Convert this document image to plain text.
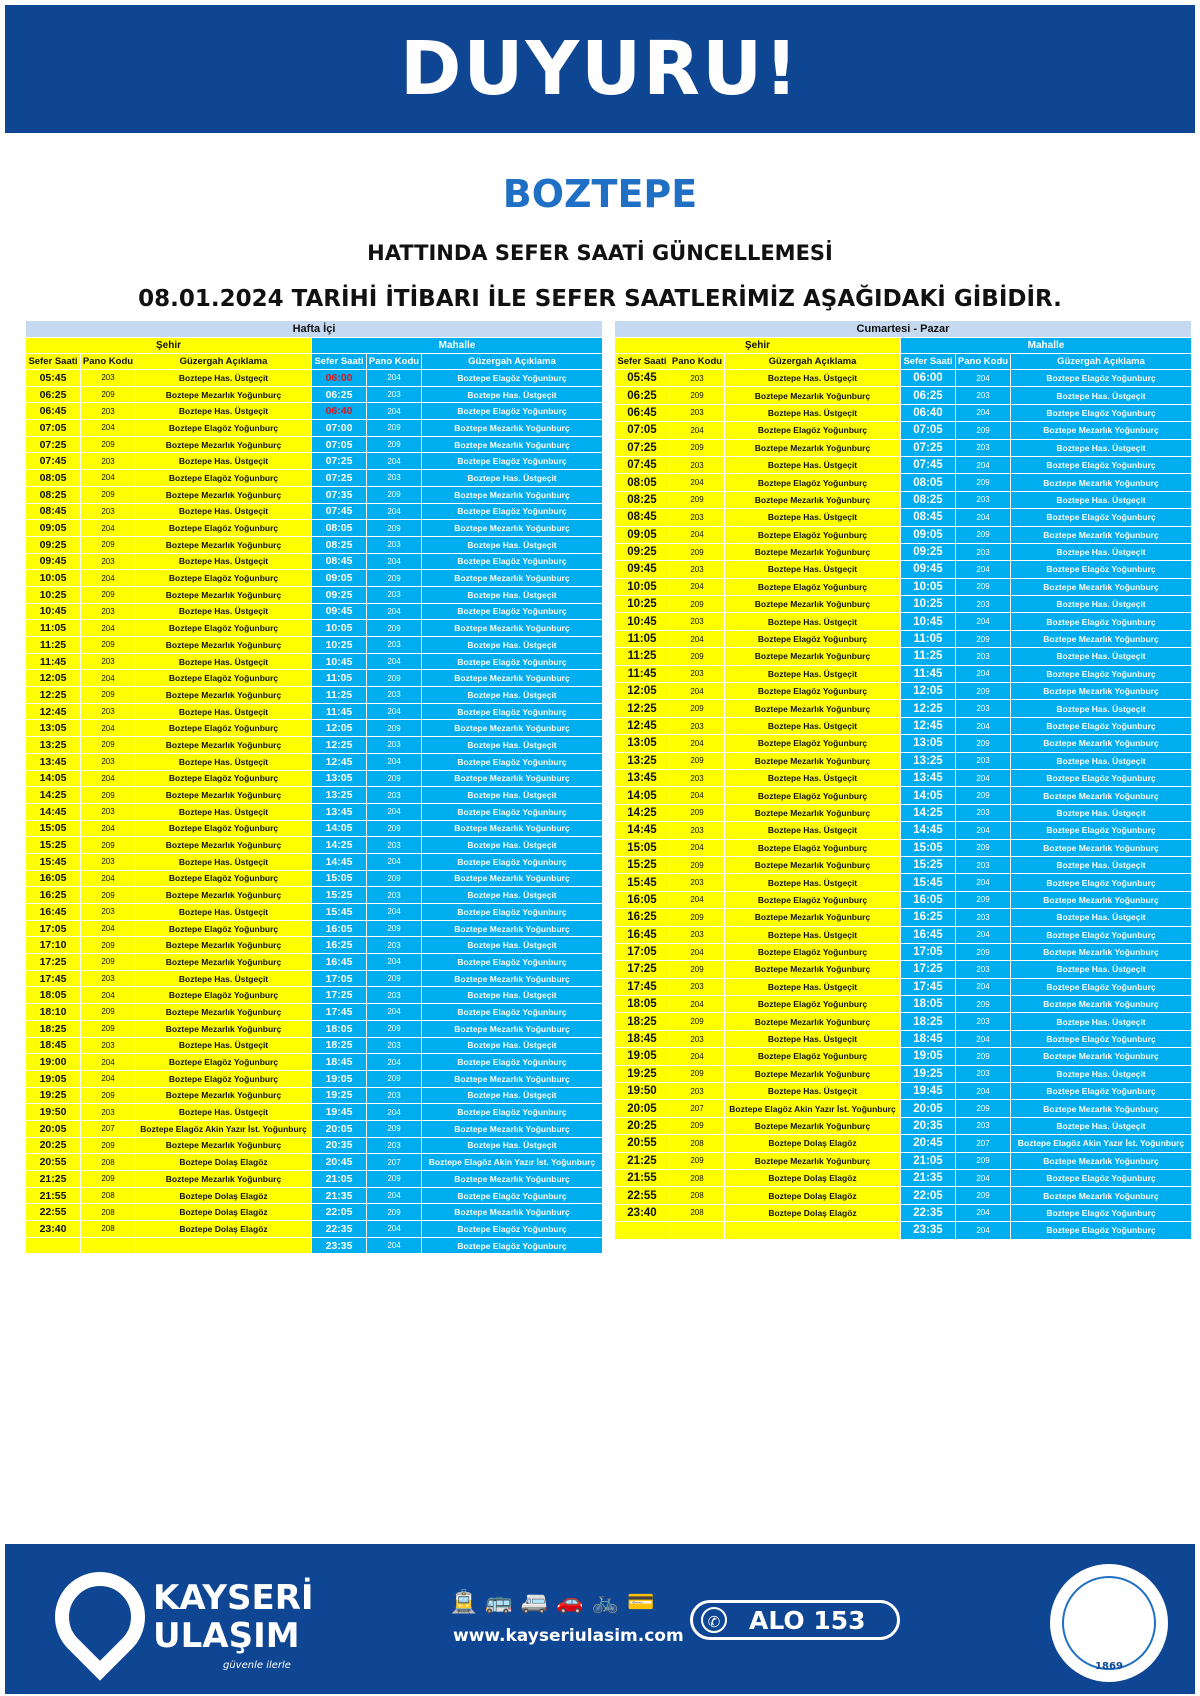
DUYURU!
BOZTEPE
HATTINDA SEFER SAATİ GÜNCELLEMESİ
08.01.2024 TARİHİ İTİBARI İLE SEFER SAATLERİMİZ AŞAĞIDAKİ GİBİDİR.
Hafta İçi					
Şehir			Mahalle		
Sefer Saati	Pano Kodu	Güzergah Açıklama	Sefer Saati	Pano Kodu	Güzergah Açıklama
05:45	203	Boztepe Has. Üstgeçit	06:00	204	Boztepe Elagöz Yoğunburç
06:25	209	Boztepe Mezarlık Yoğunburç	06:25	203	Boztepe Has. Üstgeçit
06:45	203	Boztepe Has. Üstgeçit	06:40	204	Boztepe Elagöz Yoğunburç
07:05	204	Boztepe Elagöz Yoğunburç	07:00	209	Boztepe Mezarlık Yoğunburç
07:25	209	Boztepe Mezarlık Yoğunburç	07:05	209	Boztepe Mezarlık Yoğunburç
07:45	203	Boztepe Has. Üstgeçit	07:25	204	Boztepe Elagöz Yoğunburç
08:05	204	Boztepe Elagöz Yoğunburç	07:25	203	Boztepe Has. Üstgeçit
08:25	209	Boztepe Mezarlık Yoğunburç	07:35	209	Boztepe Mezarlık Yoğunburç
08:45	203	Boztepe Has. Üstgeçit	07:45	204	Boztepe Elagöz Yoğunburç
09:05	204	Boztepe Elagöz Yoğunburç	08:05	209	Boztepe Mezarlık Yoğunburç
09:25	209	Boztepe Mezarlık Yoğunburç	08:25	203	Boztepe Has. Üstgeçit
09:45	203	Boztepe Has. Üstgeçit	08:45	204	Boztepe Elagöz Yoğunburç
10:05	204	Boztepe Elagöz Yoğunburç	09:05	209	Boztepe Mezarlık Yoğunburç
10:25	209	Boztepe Mezarlık Yoğunburç	09:25	203	Boztepe Has. Üstgeçit
10:45	203	Boztepe Has. Üstgeçit	09:45	204	Boztepe Elagöz Yoğunburç
11:05	204	Boztepe Elagöz Yoğunburç	10:05	209	Boztepe Mezarlık Yoğunburç
11:25	209	Boztepe Mezarlık Yoğunburç	10:25	203	Boztepe Has. Üstgeçit
11:45	203	Boztepe Has. Üstgeçit	10:45	204	Boztepe Elagöz Yoğunburç
12:05	204	Boztepe Elagöz Yoğunburç	11:05	209	Boztepe Mezarlık Yoğunburç
12:25	209	Boztepe Mezarlık Yoğunburç	11:25	203	Boztepe Has. Üstgeçit
12:45	203	Boztepe Has. Üstgeçit	11:45	204	Boztepe Elagöz Yoğunburç
13:05	204	Boztepe Elagöz Yoğunburç	12:05	209	Boztepe Mezarlık Yoğunburç
13:25	209	Boztepe Mezarlık Yoğunburç	12:25	203	Boztepe Has. Üstgeçit
13:45	203	Boztepe Has. Üstgeçit	12:45	204	Boztepe Elagöz Yoğunburç
14:05	204	Boztepe Elagöz Yoğunburç	13:05	209	Boztepe Mezarlık Yoğunburç
14:25	209	Boztepe Mezarlık Yoğunburç	13:25	203	Boztepe Has. Üstgeçit
14:45	203	Boztepe Has. Üstgeçit	13:45	204	Boztepe Elagöz Yoğunburç
15:05	204	Boztepe Elagöz Yoğunburç	14:05	209	Boztepe Mezarlık Yoğunburç
15:25	209	Boztepe Mezarlık Yoğunburç	14:25	203	Boztepe Has. Üstgeçit
15:45	203	Boztepe Has. Üstgeçit	14:45	204	Boztepe Elagöz Yoğunburç
16:05	204	Boztepe Elagöz Yoğunburç	15:05	209	Boztepe Mezarlık Yoğunburç
16:25	209	Boztepe Mezarlık Yoğunburç	15:25	203	Boztepe Has. Üstgeçit
16:45	203	Boztepe Has. Üstgeçit	15:45	204	Boztepe Elagöz Yoğunburç
17:05	204	Boztepe Elagöz Yoğunburç	16:05	209	Boztepe Mezarlık Yoğunburç
17:10	209	Boztepe Mezarlık Yoğunburç	16:25	203	Boztepe Has. Üstgeçit
17:25	209	Boztepe Mezarlık Yoğunburç	16:45	204	Boztepe Elagöz Yoğunburç
17:45	203	Boztepe Has. Üstgeçit	17:05	209	Boztepe Mezarlık Yoğunburç
18:05	204	Boztepe Elagöz Yoğunburç	17:25	203	Boztepe Has. Üstgeçit
18:10	209	Boztepe Mezarlık Yoğunburç	17:45	204	Boztepe Elagöz Yoğunburç
18:25	209	Boztepe Mezarlık Yoğunburç	18:05	209	Boztepe Mezarlık Yoğunburç
18:45	203	Boztepe Has. Üstgeçit	18:25	203	Boztepe Has. Üstgeçit
19:00	204	Boztepe Elagöz Yoğunburç	18:45	204	Boztepe Elagöz Yoğunburç
19:05	204	Boztepe Elagöz Yoğunburç	19:05	209	Boztepe Mezarlık Yoğunburç
19:25	209	Boztepe Mezarlık Yoğunburç	19:25	203	Boztepe Has. Üstgeçit
19:50	203	Boztepe Has. Üstgeçit	19:45	204	Boztepe Elagöz Yoğunburç
20:05	207	Boztepe Elagöz Akin Yazır İst. Yoğunburç	20:05	209	Boztepe Mezarlık Yoğunburç
20:25	209	Boztepe Mezarlık Yoğunburç	20:35	203	Boztepe Has. Üstgeçit
20:55	208	Boztepe Dolaş Elagöz	20:45	207	Boztepe Elagöz Akin Yazır İst. Yoğunburç
21:25	209	Boztepe Mezarlık Yoğunburç	21:05	209	Boztepe Mezarlık Yoğunburç
21:55	208	Boztepe Dolaş Elagöz	21:35	204	Boztepe Elagöz Yoğunburç
22:55	208	Boztepe Dolaş Elagöz	22:05	209	Boztepe Mezarlık Yoğunburç
23:40	208	Boztepe Dolaş Elagöz	22:35	204	Boztepe Elagöz Yoğunburç
			23:35	204	Boztepe Elagöz Yoğunburç
Cumartesi - Pazar					
Şehir			Mahalle		
Sefer Saati	Pano Kodu	Güzergah Açıklama	Sefer Saati	Pano Kodu	Güzergah Açıklama
05:45	203	Boztepe Has. Üstgeçit	06:00	204	Boztepe Elagöz Yoğunburç
06:25	209	Boztepe Mezarlık Yoğunburç	06:25	203	Boztepe Has. Üstgeçit
06:45	203	Boztepe Has. Üstgeçit	06:40	204	Boztepe Elagöz Yoğunburç
07:05	204	Boztepe Elagöz Yoğunburç	07:05	209	Boztepe Mezarlık Yoğunburç
07:25	209	Boztepe Mezarlık Yoğunburç	07:25	203	Boztepe Has. Üstgeçit
07:45	203	Boztepe Has. Üstgeçit	07:45	204	Boztepe Elagöz Yoğunburç
08:05	204	Boztepe Elagöz Yoğunburç	08:05	209	Boztepe Mezarlık Yoğunburç
08:25	209	Boztepe Mezarlık Yoğunburç	08:25	203	Boztepe Has. Üstgeçit
08:45	203	Boztepe Has. Üstgeçit	08:45	204	Boztepe Elagöz Yoğunburç
09:05	204	Boztepe Elagöz Yoğunburç	09:05	209	Boztepe Mezarlık Yoğunburç
09:25	209	Boztepe Mezarlık Yoğunburç	09:25	203	Boztepe Has. Üstgeçit
09:45	203	Boztepe Has. Üstgeçit	09:45	204	Boztepe Elagöz Yoğunburç
10:05	204	Boztepe Elagöz Yoğunburç	10:05	209	Boztepe Mezarlık Yoğunburç
10:25	209	Boztepe Mezarlık Yoğunburç	10:25	203	Boztepe Has. Üstgeçit
10:45	203	Boztepe Has. Üstgeçit	10:45	204	Boztepe Elagöz Yoğunburç
11:05	204	Boztepe Elagöz Yoğunburç	11:05	209	Boztepe Mezarlık Yoğunburç
11:25	209	Boztepe Mezarlık Yoğunburç	11:25	203	Boztepe Has. Üstgeçit
11:45	203	Boztepe Has. Üstgeçit	11:45	204	Boztepe Elagöz Yoğunburç
12:05	204	Boztepe Elagöz Yoğunburç	12:05	209	Boztepe Mezarlık Yoğunburç
12:25	209	Boztepe Mezarlık Yoğunburç	12:25	203	Boztepe Has. Üstgeçit
12:45	203	Boztepe Has. Üstgeçit	12:45	204	Boztepe Elagöz Yoğunburç
13:05	204	Boztepe Elagöz Yoğunburç	13:05	209	Boztepe Mezarlık Yoğunburç
13:25	209	Boztepe Mezarlık Yoğunburç	13:25	203	Boztepe Has. Üstgeçit
13:45	203	Boztepe Has. Üstgeçit	13:45	204	Boztepe Elagöz Yoğunburç
14:05	204	Boztepe Elagöz Yoğunburç	14:05	209	Boztepe Mezarlık Yoğunburç
14:25	209	Boztepe Mezarlık Yoğunburç	14:25	203	Boztepe Has. Üstgeçit
14:45	203	Boztepe Has. Üstgeçit	14:45	204	Boztepe Elagöz Yoğunburç
15:05	204	Boztepe Elagöz Yoğunburç	15:05	209	Boztepe Mezarlık Yoğunburç
15:25	209	Boztepe Mezarlık Yoğunburç	15:25	203	Boztepe Has. Üstgeçit
15:45	203	Boztepe Has. Üstgeçit	15:45	204	Boztepe Elagöz Yoğunburç
16:05	204	Boztepe Elagöz Yoğunburç	16:05	209	Boztepe Mezarlık Yoğunburç
16:25	209	Boztepe Mezarlık Yoğunburç	16:25	203	Boztepe Has. Üstgeçit
16:45	203	Boztepe Has. Üstgeçit	16:45	204	Boztepe Elagöz Yoğunburç
17:05	204	Boztepe Elagöz Yoğunburç	17:05	209	Boztepe Mezarlık Yoğunburç
17:25	209	Boztepe Mezarlık Yoğunburç	17:25	203	Boztepe Has. Üstgeçit
17:45	203	Boztepe Has. Üstgeçit	17:45	204	Boztepe Elagöz Yoğunburç
18:05	204	Boztepe Elagöz Yoğunburç	18:05	209	Boztepe Mezarlık Yoğunburç
18:25	209	Boztepe Mezarlık Yoğunburç	18:25	203	Boztepe Has. Üstgeçit
18:45	203	Boztepe Has. Üstgeçit	18:45	204	Boztepe Elagöz Yoğunburç
19:05	204	Boztepe Elagöz Yoğunburç	19:05	209	Boztepe Mezarlık Yoğunburç
19:25	209	Boztepe Mezarlık Yoğunburç	19:25	203	Boztepe Has. Üstgeçit
19:50	203	Boztepe Has. Üstgeçit	19:45	204	Boztepe Elagöz Yoğunburç
20:05	207	Boztepe Elagöz Akin Yazır İst. Yoğunburç	20:05	209	Boztepe Mezarlık Yoğunburç
20:25	209	Boztepe Mezarlık Yoğunburç	20:35	203	Boztepe Has. Üstgeçit
20:55	208	Boztepe Dolaş Elagöz	20:45	207	Boztepe Elagöz Akin Yazır İst. Yoğunburç
21:25	209	Boztepe Mezarlık Yoğunburç	21:05	209	Boztepe Mezarlık Yoğunburç
21:55	208	Boztepe Dolaş Elagöz	21:35	204	Boztepe Elagöz Yoğunburç
22:55	208	Boztepe Dolaş Elagöz	22:05	209	Boztepe Mezarlık Yoğunburç
23:40	208	Boztepe Dolaş Elagöz	22:35	204	Boztepe Elagöz Yoğunburç
			23:35	204	Boztepe Elagöz Yoğunburç
KAYSERİ
ULAŞIM
güvenle ilerle
🚊🚌🚐🚗🚲💳
www.kayseriulasim.com
✆ ALO 153
1869
